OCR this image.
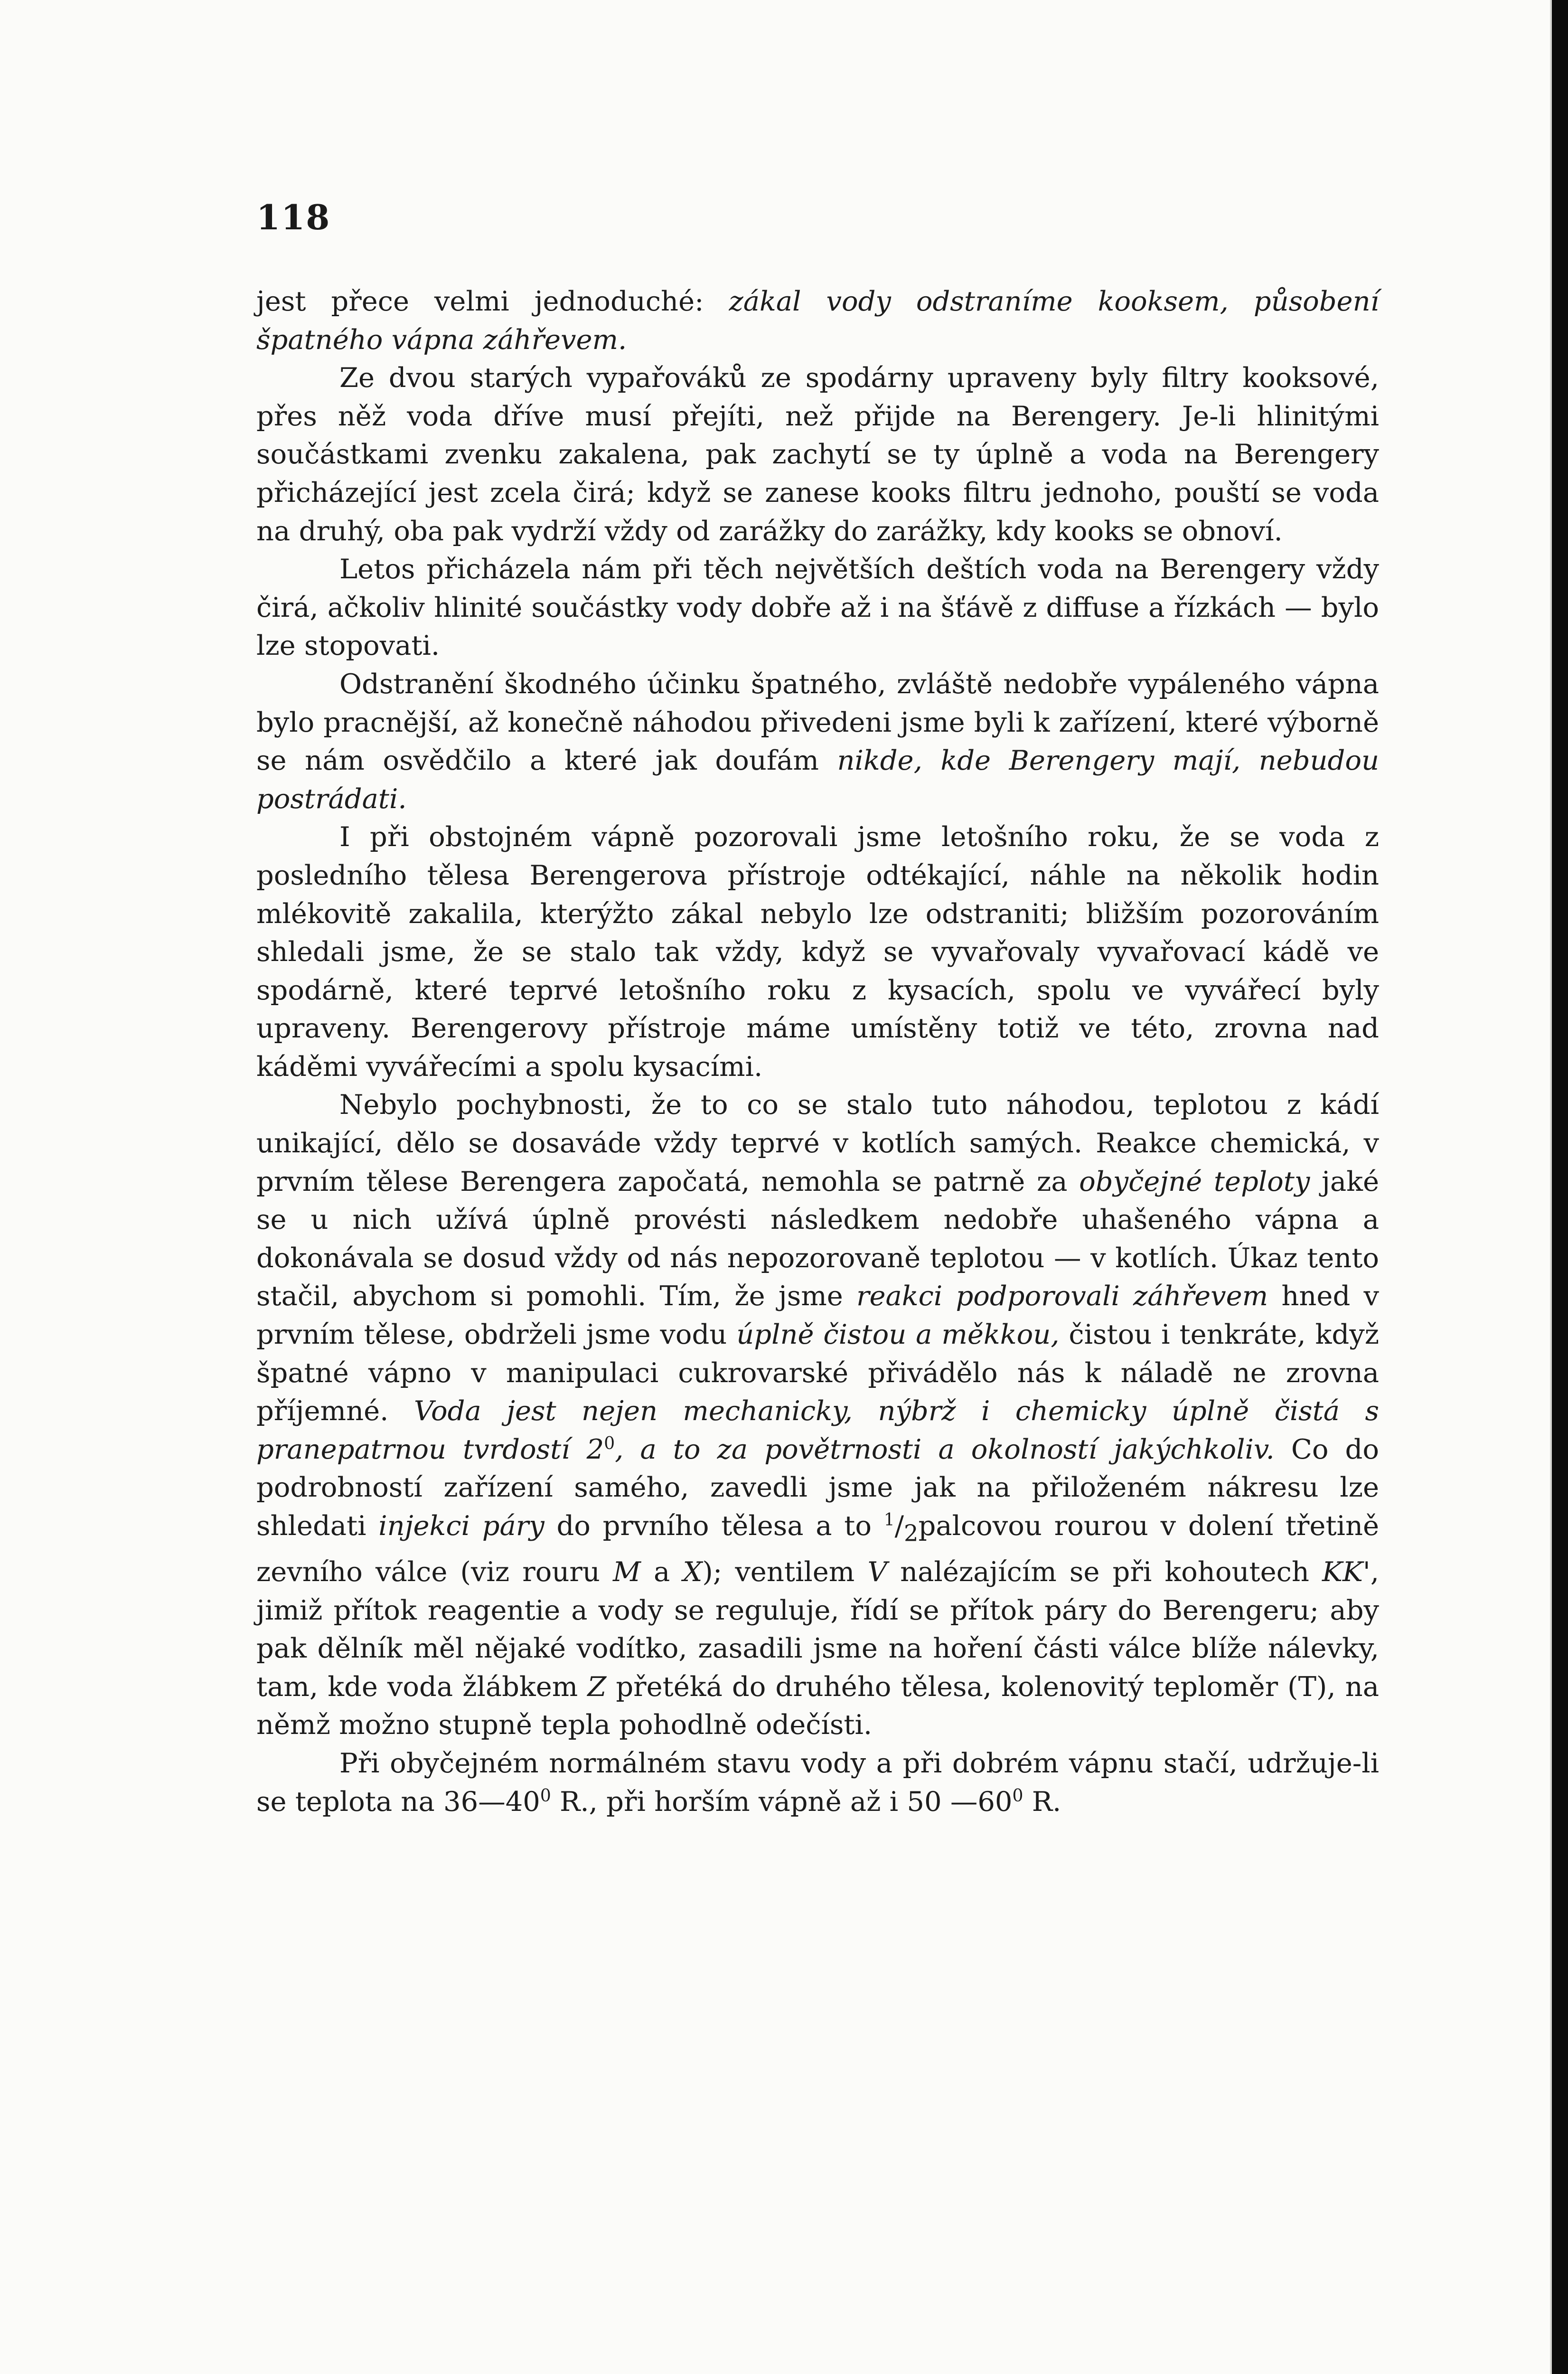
118

jest přece velmi jednoduché: zákal vody odstraníme kooksem, působení špatného vápna záhřevem.

Ze dvou starých vypařováků ze spodárny upraveny byly filtry kooksové, přes něž voda dříve musí přejíti, než přijde na Berengery. Je-li hlinitými součástkami zvenku zakalena, pak zachytí se ty úplně a voda na Berengery přicházející jest zcela čirá; když se zanese kooks filtru jednoho, pouští se voda na druhý, oba pak vydrží vždy od zarážky do zarážky, kdy kooks se obnoví.

Letos přicházela nám při těch největších deštích voda na Berengery vždy čirá, ačkoliv hlinité součástky vody dobře až i na šťávě z diffuse a řízkách — bylo lze stopovati.

Odstranění škodného účinku špatného, zvláště nedobře vypáleného vápna bylo pracnější, až konečně náhodou přivedeni jsme byli k zařízení, které výborně se nám osvědčilo a které jak doufám nikde, kde Berengery mají, nebudou postrádati.

I při obstojném vápně pozorovali jsme letošního roku, že se voda z posledního tělesa Berengerova přístroje odtékající, náhle na několik hodin mlékovitě zakalila, kterýžto zákal nebylo lze odstraniti; bližším pozorováním shledali jsme, že se stalo tak vždy, když se vyvařovaly vyvařovací kádě ve spodárně, které teprvé letošního roku z kysacích, spolu ve vyvářecí byly upraveny. Berengerovy přístroje máme umístěny totiž ve této, zrovna nad káděmi vyvářecími a spolu kysacími.

Nebylo pochybnosti, že to co se stalo tuto náhodou, teplotou z kádí unikající, dělo se dosaváde vždy teprvé v kotlích samých. Reakce chemická, v prvním tělese Berengera započatá, nemohla se patrně za obyčejné teploty jaké se u nich užívá úplně provésti následkem nedobře uhašeného vápna a dokonávala se dosud vždy od nás nepozorovaně teplotou — v kotlích. Úkaz tento stačil, abychom si pomohli. Tím, že jsme reakci podporovali záhřevem hned v prvním tělese, obdrželi jsme vodu úplně čistou a měkkou, čistou i tenkráte, když špatné vápno v manipulaci cukrovarské přivádělo nás k náladě ne zrovna příjemné. Voda jest nejen mechanicky, nýbrž i chemicky úplně čistá s pranepatrnou tvrdostí $2^0$, a to za povětrnosti a okolností jakýchkoliv. Co do podrobností zařízení samého, zavedli jsme jak na přiloženém nákresu lze shledati injekci páry do prvního tělesa a to $^1/_2palcovou$ rourou v dolení třetině zevního válce (viz rouru M a X); ventilem V nalézajícím se při kohoutech KK', jimiž přítok reagentie a vody se reguluje, řídí se přítok páry do Berengeru; aby pak dělník měl nějaké vodítko, zasadili jsme na hoření části válce blíže nálevky, tam, kde voda žlábkem Z přetéká do druhého tělesa, kolenovitý teploměr (T), na němž možno stupně tepla pohodlně odečísti.

Při obyčejném normálném stavu vody a při dobrém vápnu stačí, udržuje-li se teplota na $36—40^0$ R., při horším vápně až i 50 $—60^0$ R.
